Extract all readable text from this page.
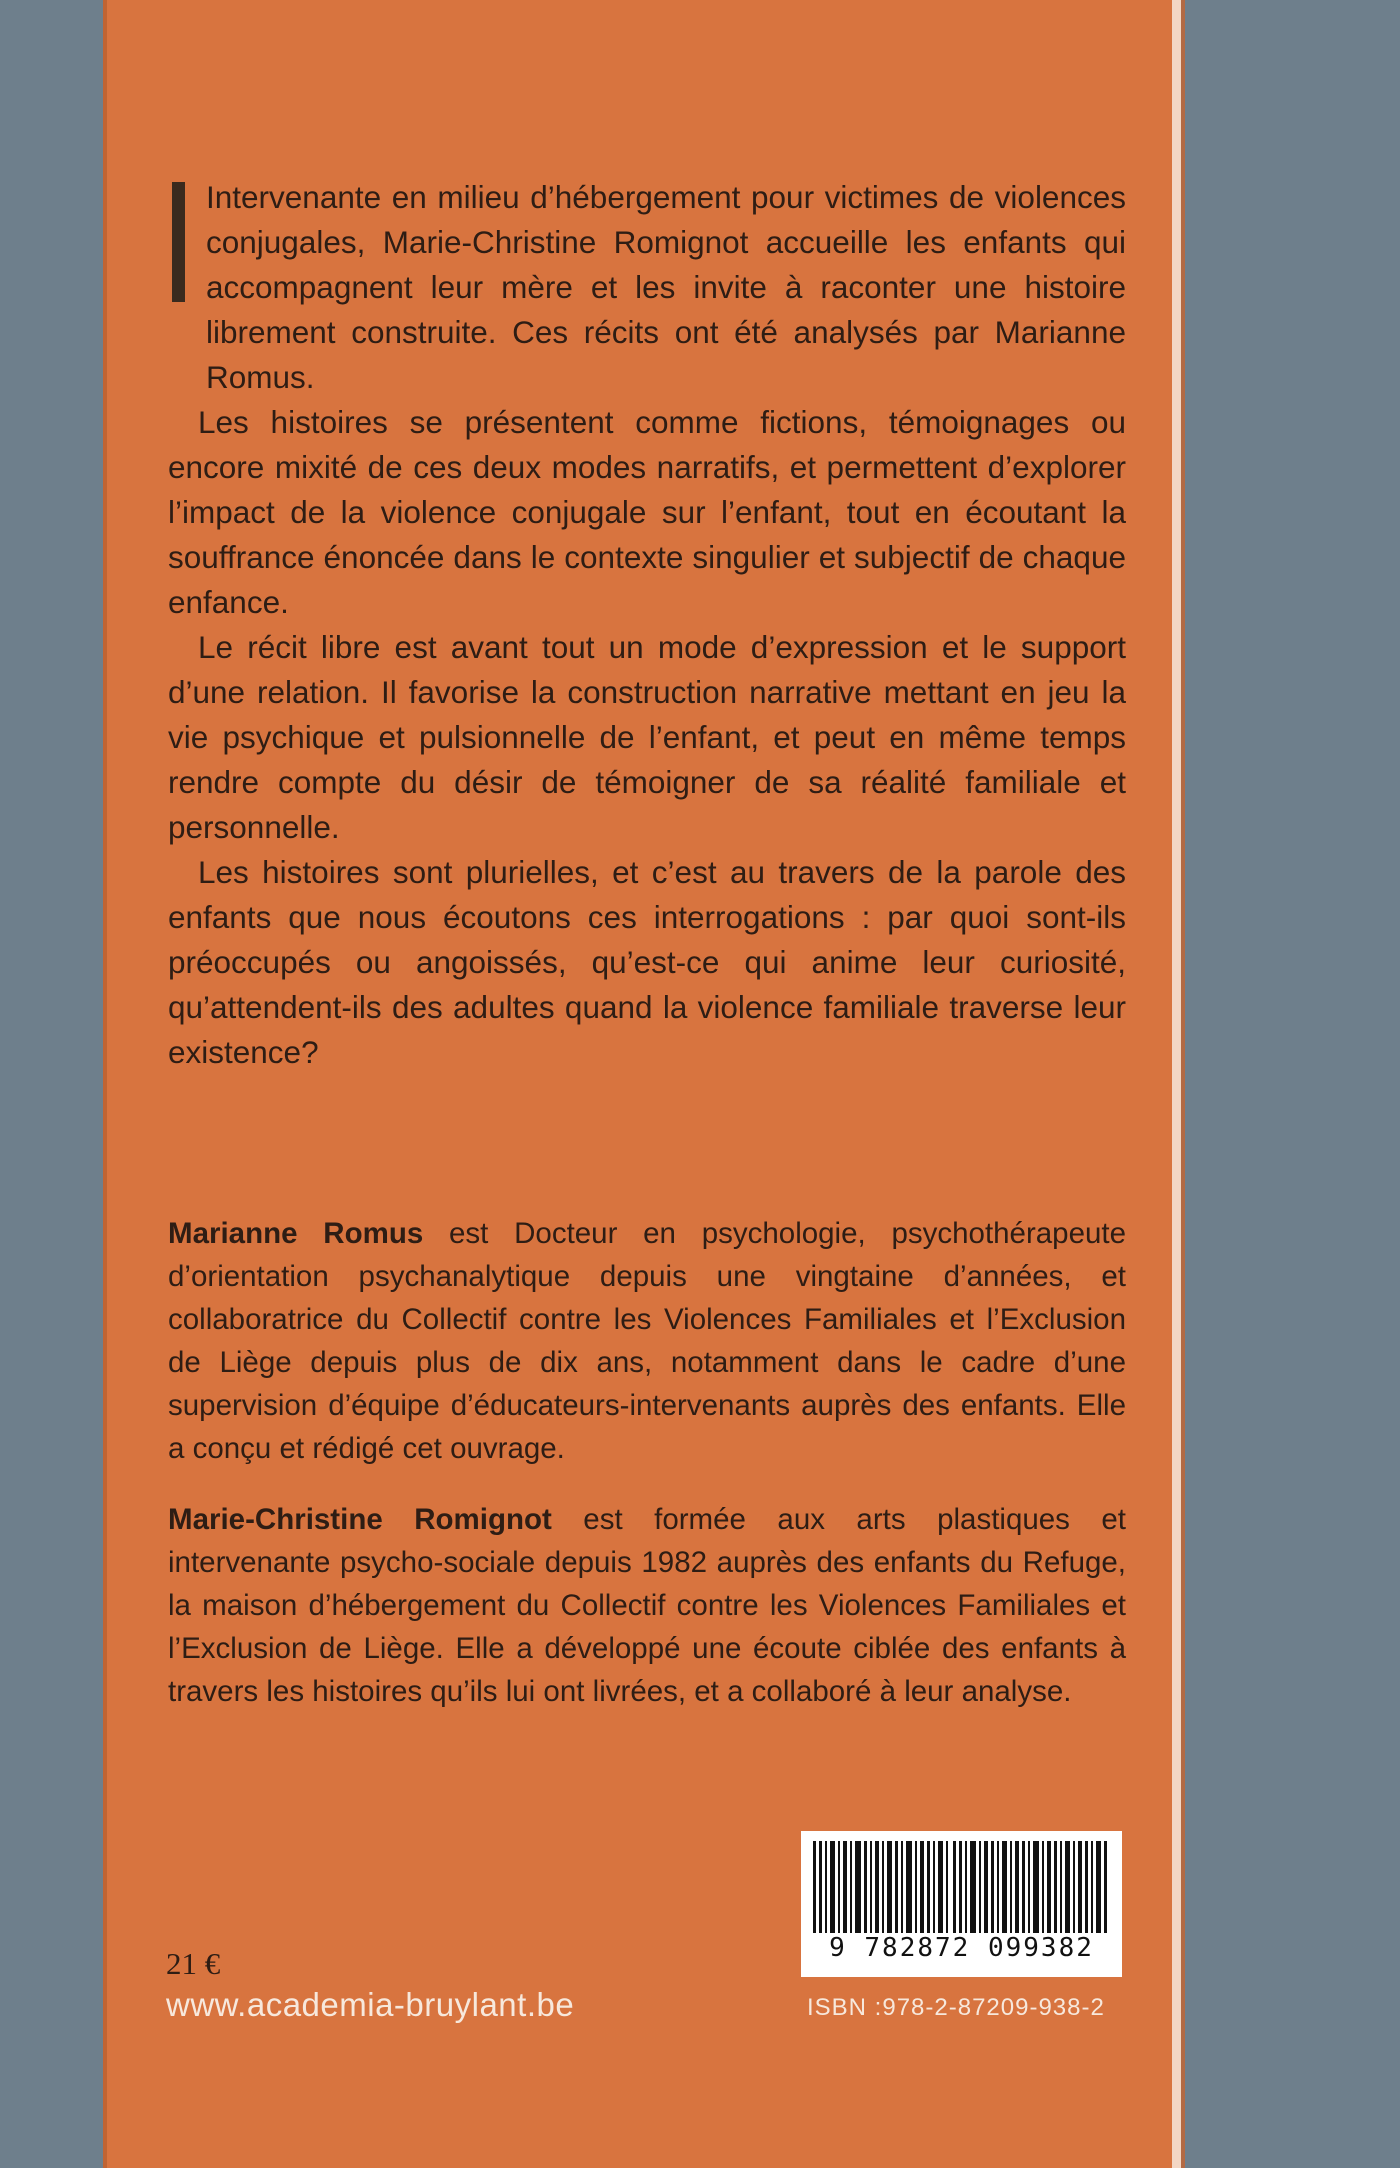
Intervenante en milieu d’hébergement pour victimes de violences conjugales, Marie-Christine Romignot accueille les enfants qui accompagnent leur mère et les invite à raconter une histoire librement construite. Ces récits ont été analysés par Marianne Romus.

Les histoires se présentent comme fictions, témoignages ou encore mixité de ces deux modes narratifs, et permettent d’explorer l’impact de la violence conjugale sur l’enfant, tout en écoutant la souffrance énoncée dans le contexte singulier et subjectif de chaque enfance.

Le récit libre est avant tout un mode d’expression et le support d’une relation. Il favorise la construction narrative mettant en jeu la vie psychique et pulsionnelle de l’enfant, et peut en même temps rendre compte du désir de témoigner de sa réalité familiale et personnelle.

Les histoires sont plurielles, et c’est au travers de la parole des enfants que nous écoutons ces interrogations : par quoi sont-ils préoccupés ou angoissés, qu’est-ce qui anime leur curiosité, qu’attendent-ils des adultes quand la violence familiale traverse leur existence?

Marianne Romus est Docteur en psychologie, psychothérapeute d’orientation psychanalytique depuis une vingtaine d’années, et collaboratrice du Collectif contre les Violences Familiales et l’Exclusion de Liège depuis plus de dix ans, notamment dans le cadre d’une supervision d’équipe d’éducateurs-intervenants auprès des enfants. Elle a conçu et rédigé cet ouvrage.

Marie-Christine Romignot est formée aux arts plastiques et intervenante psycho-sociale depuis 1982 auprès des enfants du Refuge, la maison d’hébergement du Collectif contre les Violences Familiales et l’Exclusion de Liège. Elle a développé une écoute ciblée des enfants à travers les histoires qu’ils lui ont livrées, et a collaboré à leur analyse.

9 782872 099382
ISBN :978-2-87209-938-2
21 €
www.academia-bruylant.be
